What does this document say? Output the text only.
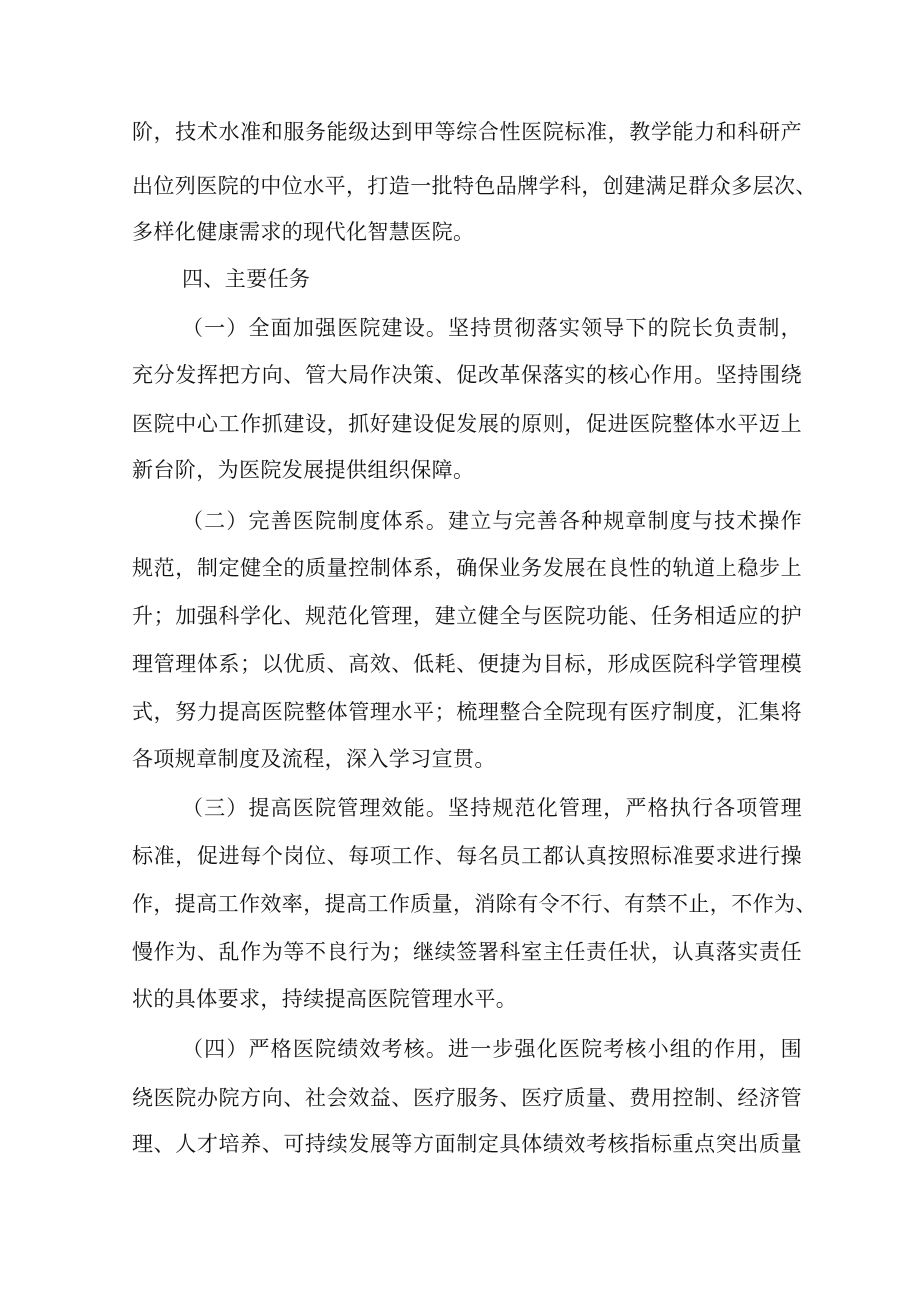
阶，技术水准和服务能级达到甲等综合性医院标准，教学能力和科研产
出位列医院的中位水平，打造一批特色品牌学科，创建满足群众多层次、
多样化健康需求的现代化智慧医院。
四、主要任务
（一）全面加强医院建设。坚持贯彻落实领导下的院长负责制，
充分发挥把方向、管大局作决策、促改革保落实的核心作用。坚持围绕
医院中心工作抓建设，抓好建设促发展的原则，促进医院整体水平迈上
新台阶，为医院发展提供组织保障。
（二）完善医院制度体系。建立与完善各种规章制度与技术操作
规范，制定健全的质量控制体系，确保业务发展在良性的轨道上稳步上
升；加强科学化、规范化管理，建立健全与医院功能、任务相适应的护
理管理体系；以优质、高效、低耗、便捷为目标，形成医院科学管理模
式，努力提高医院整体管理水平；梳理整合全院现有医疗制度，汇集将
各项规章制度及流程，深入学习宣贯。
（三）提高医院管理效能。坚持规范化管理，严格执行各项管理
标准，促进每个岗位、每项工作、每名员工都认真按照标准要求进行操
作，提高工作效率，提高工作质量，消除有令不行、有禁不止，不作为、
慢作为、乱作为等不良行为；继续签署科室主任责任状，认真落实责任
状的具体要求，持续提高医院管理水平。
（四）严格医院绩效考核。进一步强化医院考核小组的作用，围
绕医院办院方向、社会效益、医疗服务、医疗质量、费用控制、经济管
理、人才培养、可持续发展等方面制定具体绩效考核指标重点突出质量
